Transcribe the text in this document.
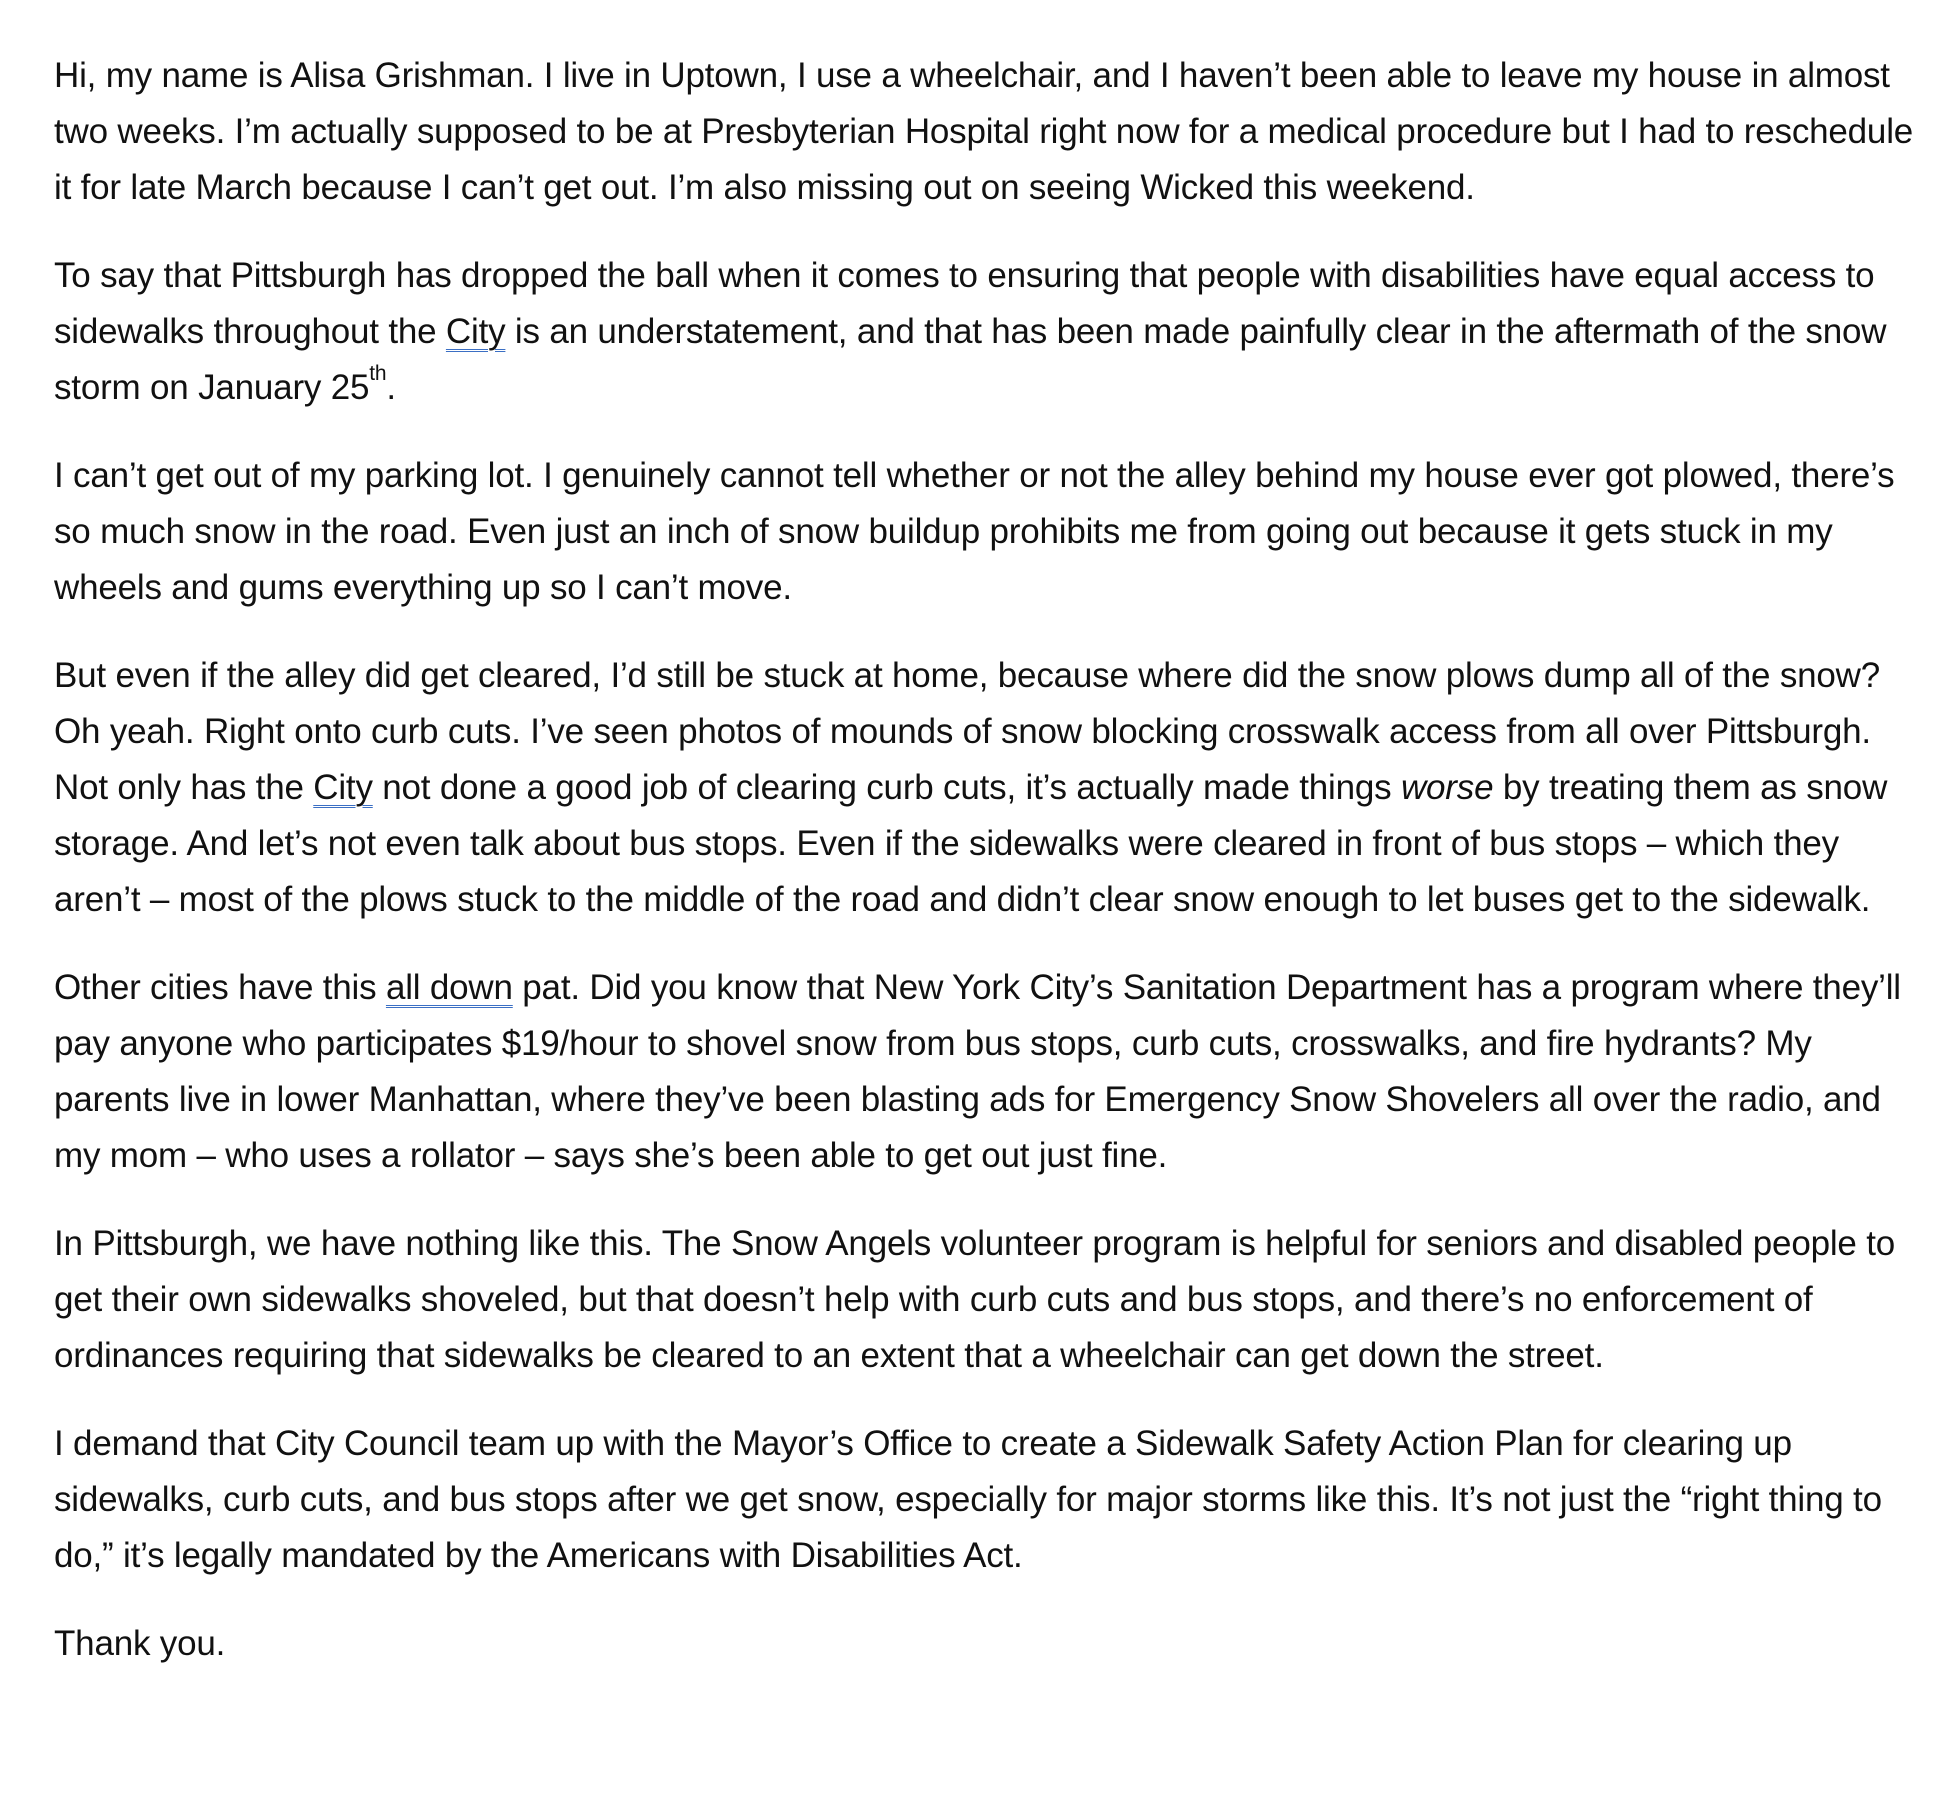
Hi, my name is Alisa Grishman. I live in Uptown, I use a wheelchair, and I haven’t been able to leave my house in almost two weeks. I’m actually supposed to be at Presbyterian Hospital right now for a medical procedure but I had to reschedule it for late March because I can’t get out. I’m also missing out on seeing Wicked this weekend.

To say that Pittsburgh has dropped the ball when it comes to ensuring that people with disabilities have equal access to sidewalks throughout the City is an understatement, and that has been made painfully clear in the aftermath of the snow storm on January 25th.

I can’t get out of my parking lot. I genuinely cannot tell whether or not the alley behind my house ever got plowed, there’s so much snow in the road. Even just an inch of snow buildup prohibits me from going out because it gets stuck in my wheels and gums everything up so I can’t move.

But even if the alley did get cleared, I’d still be stuck at home, because where did the snow plows dump all of the snow? Oh yeah. Right onto curb cuts. I’ve seen photos of mounds of snow blocking crosswalk access from all over Pittsburgh. Not only has the City not done a good job of clearing curb cuts, it’s actually made things worse by treating them as snow storage. And let’s not even talk about bus stops. Even if the sidewalks were cleared in front of bus stops – which they aren’t – most of the plows stuck to the middle of the road and didn’t clear snow enough to let buses get to the sidewalk.

Other cities have this all down pat. Did you know that New York City’s Sanitation Department has a program where they’ll pay anyone who participates $19/hour to shovel snow from bus stops, curb cuts, crosswalks, and fire hydrants? My parents live in lower Manhattan, where they’ve been blasting ads for Emergency Snow Shovelers all over the radio, and my mom – who uses a rollator – says she’s been able to get out just fine.

In Pittsburgh, we have nothing like this. The Snow Angels volunteer program is helpful for seniors and disabled people to get their own sidewalks shoveled, but that doesn’t help with curb cuts and bus stops, and there’s no enforcement of ordinances requiring that sidewalks be cleared to an extent that a wheelchair can get down the street.

I demand that City Council team up with the Mayor’s Office to create a Sidewalk Safety Action Plan for clearing up sidewalks, curb cuts, and bus stops after we get snow, especially for major storms like this. It’s not just the “right thing to do,” it’s legally mandated by the Americans with Disabilities Act.

Thank you.
